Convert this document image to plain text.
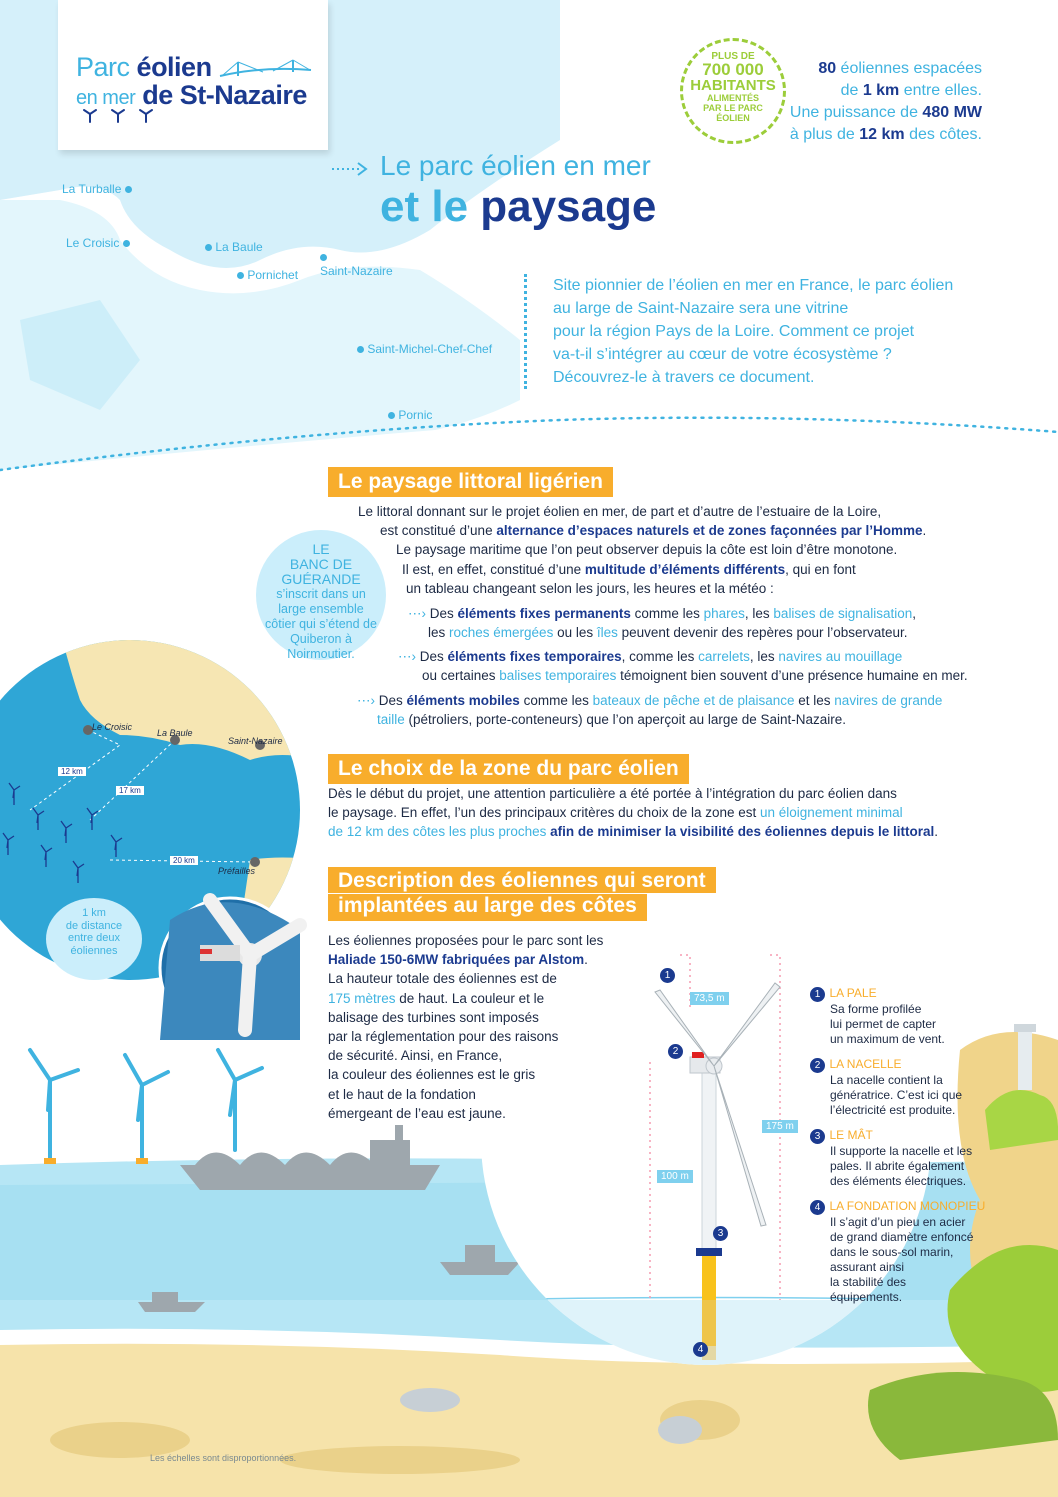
Parc éolien
en mer de St-Nazaire
La Turballe
Le Croisic	La Baule
Pornichet Saint-Nazaire
Saint-Michel-Chef-Chef
Pornic
PLUS DE
700 000
HABITANTS
ALIMENTÉS
PAR LE PARC
ÉOLIEN
80 éoliennes espacées
de 1 km entre elles.
Une puissance de 480 MW
à plus de 12 km des côtes.
Le parc éolien en mer
et le paysage
Site pionnier de l’éolien en mer en France, le parc éolien
au large de Saint-Nazaire sera une vitrine
pour la région Pays de la Loire. Comment ce projet
va-t-il s’intégrer au cœur de votre écosystème ?
Découvrez-le à travers ce document.
Le paysage littoral ligérien
Le littoral donnant sur le projet éolien en mer, de part et d’autre de l’estuaire de la Loire,
est constitué d’une alternance d’espaces naturels et de zones façonnées par l’Homme.
Le paysage maritime que l’on peut observer depuis la côte est loin d’être monotone.
Il est, en effet, constitué d’une multitude d’éléments différents, qui en font
un tableau changeant selon les jours, les heures et la météo :
⋯› Des éléments fixes permanents comme les phares, les balises de signalisation,
les roches émergées ou les îles peuvent devenir des repères pour l’observateur.
⋯› Des éléments fixes temporaires, comme les carrelets, les navires au mouillage
ou certaines balises temporaires témoignent bien souvent d’une présence humaine en mer.
⋯› Des éléments mobiles comme les bateaux de pêche et de plaisance et les navires de grande
taille (pétroliers, porte-conteneurs) que l’on aperçoit au large de Saint-Nazaire.
LE
BANC DE
GUÉRANDE
s’inscrit dans un large ensemble côtier qui s’étend de Quiberon à Noirmoutier.
Le Croisic
La Baule
Saint-Nazaire
Préfailles
12 km
17 km
20 km
1 km
de distance
entre deux
éoliennes
Le choix de la zone du parc éolien
Dès le début du projet, une attention particulière a été portée à l’intégration du parc éolien dans
le paysage. En effet, l’un des principaux critères du choix de la zone est un éloignement minimal
de 12 km des côtes les plus proches afin de minimiser la visibilité des éoliennes depuis le littoral.
Description des éoliennes qui seront
implantées au large des côtes
Les éoliennes proposées pour le parc sont les
Haliade 150-6MW fabriquées par Alstom.
La hauteur totale des éoliennes est de
175 mètres de haut. La couleur et le
balisage des turbines sont imposés
par la réglementation pour des raisons
de sécurité. Ainsi, en France,
la couleur des éoliennes est le gris
et le haut de la fondation
émergeant de l’eau est jaune.
73,5 m
175 m
100 m
1
2
3
4
1 LA PALE
Sa forme profilée
lui permet de capter
un maximum de vent.
2 LA NACELLE
La nacelle contient la
génératrice. C’est ici que
l’électricité est produite.
3 LE MÂT
Il supporte la nacelle et les
pales. Il abrite également
des éléments électriques.
4 LA FONDATION MONOPIEU
Il s’agit d’un pieu en acier
de grand diamètre enfoncé
dans le sous-sol marin,
assurant ainsi
la stabilité des
équipements.
Les échelles sont disproportionnées.
